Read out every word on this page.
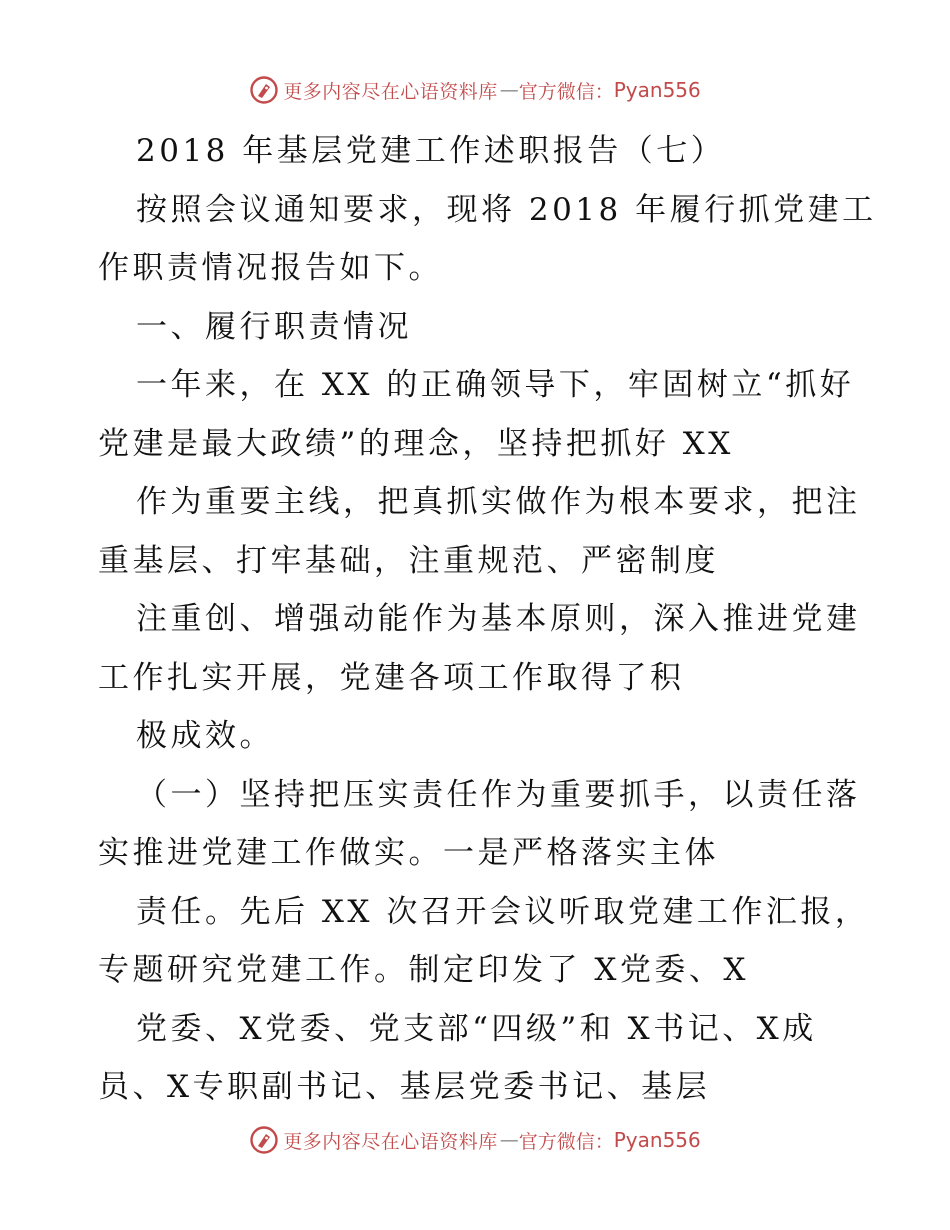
更多内容尽在心语资料库 — 官方微信： Pyan556
2018 年基层党建工作述职报告（七）
按照会议通知要求，现将 2018 年履行抓党建工
作职责情况报告如下。
一、履行职责情况
一年来，在 XX 的正确领导下，牢固树立“抓好
党建是最大政绩”的理念，坚持把抓好 XX
作为重要主线，把真抓实做作为根本要求，把注
重基层、打牢基础，注重规范、严密制度
注重创、增强动能作为基本原则，深入推进党建
工作扎实开展，党建各项工作取得了积
极成效。
（一）坚持把压实责任作为重要抓手，以责任落
实推进党建工作做实。一是严格落实主体
责任。先后 XX 次召开会议听取党建工作汇报，
专题研究党建工作。制定印发了 X党委、X
党委、X党委、党支部“四级”和 X书记、X成
员、X专职副书记、基层党委书记、基层
更多内容尽在心语资料库 — 官方微信： Pyan556
